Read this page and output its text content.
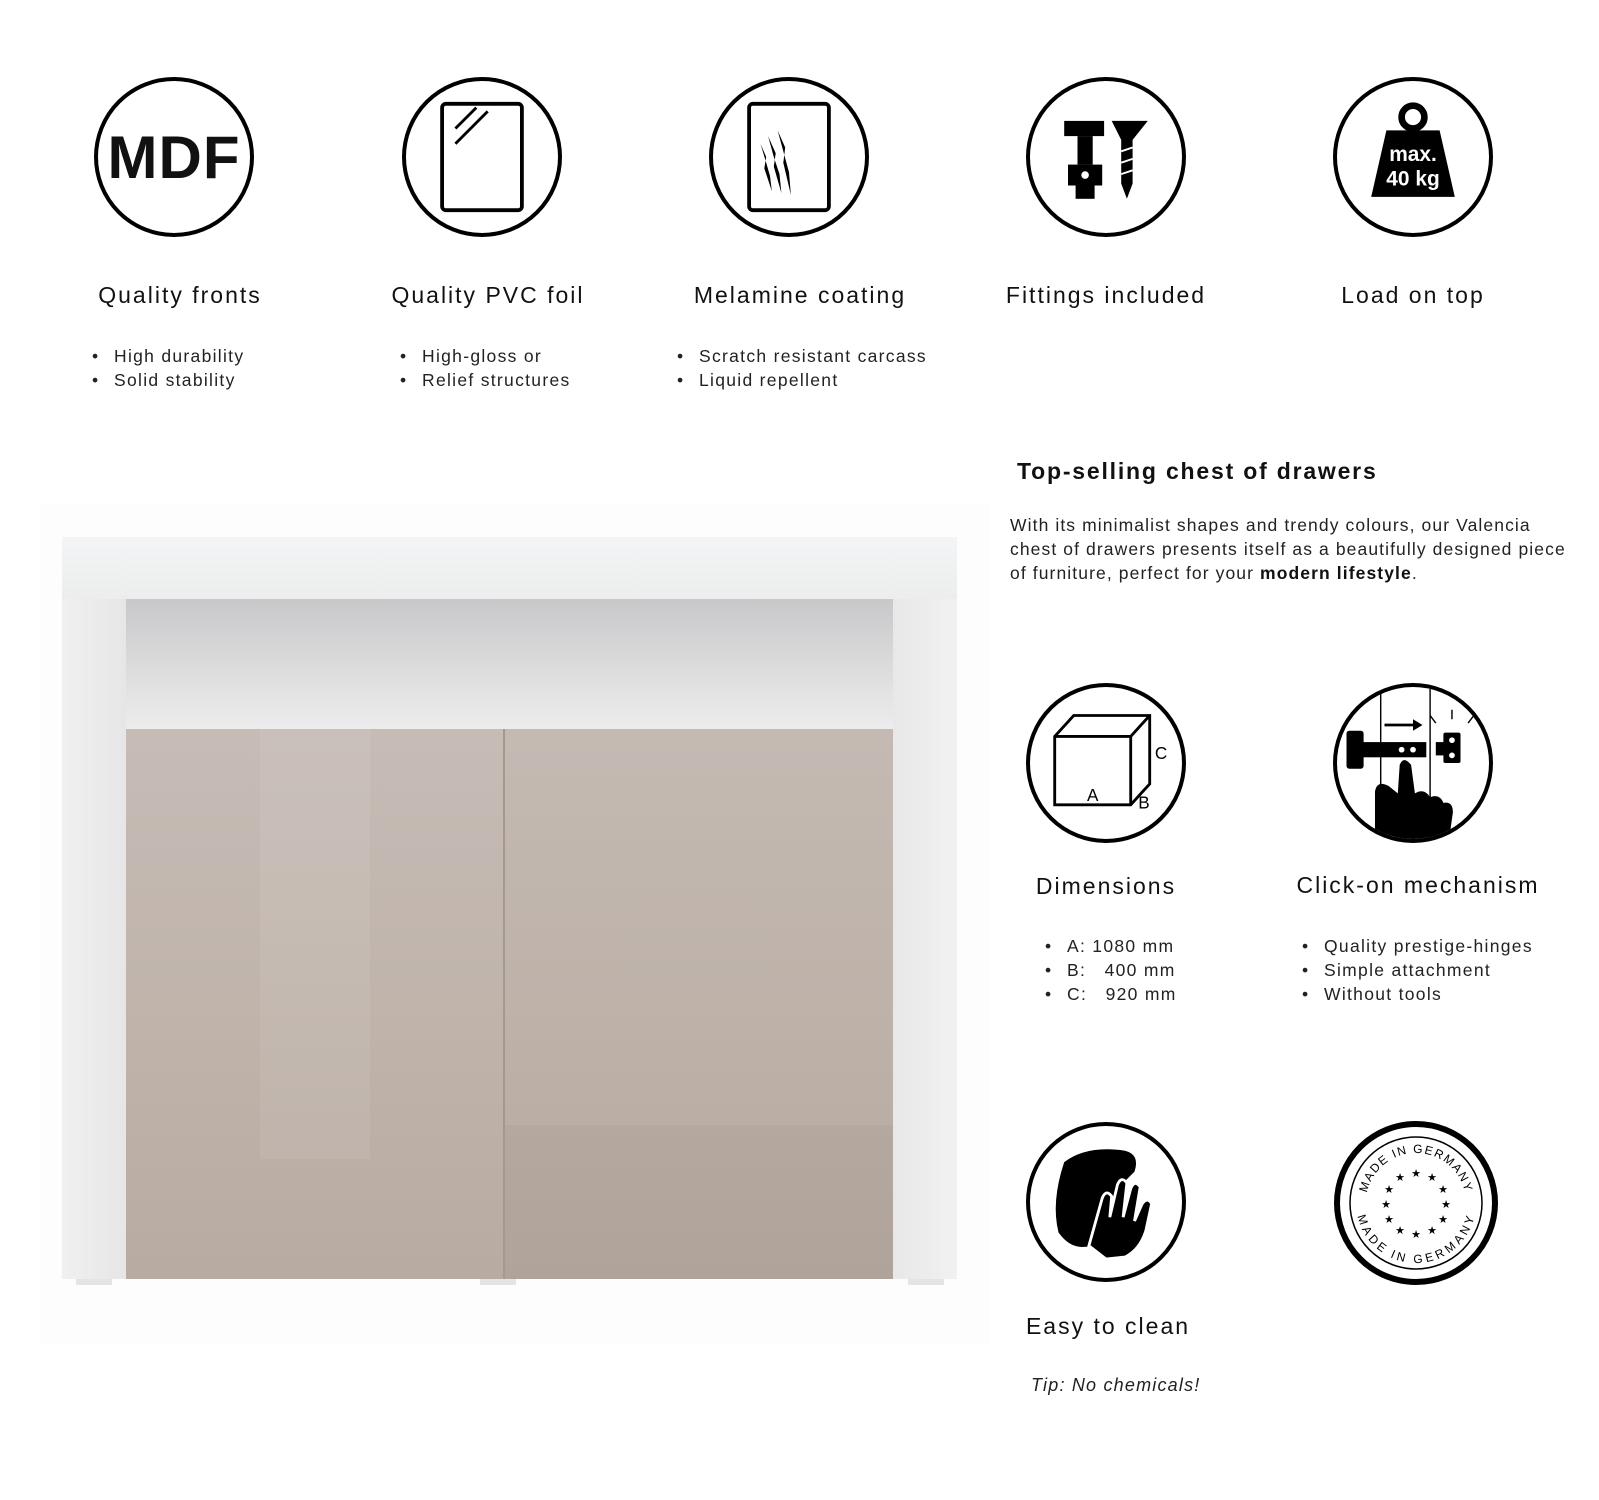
MDF	max.
40 kg
Quality fronts	Quality PVC foil	Melamine coating	Fittings included	Load on top
• High durability
• Solid stability
• High-gloss or
• Relief structures
• Scratch resistant carcass
• Liquid repellent
Top-selling chest of drawers

With its minimalist shapes and trendy colours, our Valencia chest of drawers presents itself as a beautifully designed piece of furniture, perfect for your modern lifestyle.

A B
C
MADE IN GERMANY
MADE IN GERMANY
★ ★
★
★
★
★
★
★
★
★
★
★
Dimensions	Click-on mechanism
Easy to clean
• A: 1080 mm
• B:   400 mm
• C:   920 mm
• Quality prestige-hinges
• Simple attachment
• Without tools
Tip: No chemicals!
